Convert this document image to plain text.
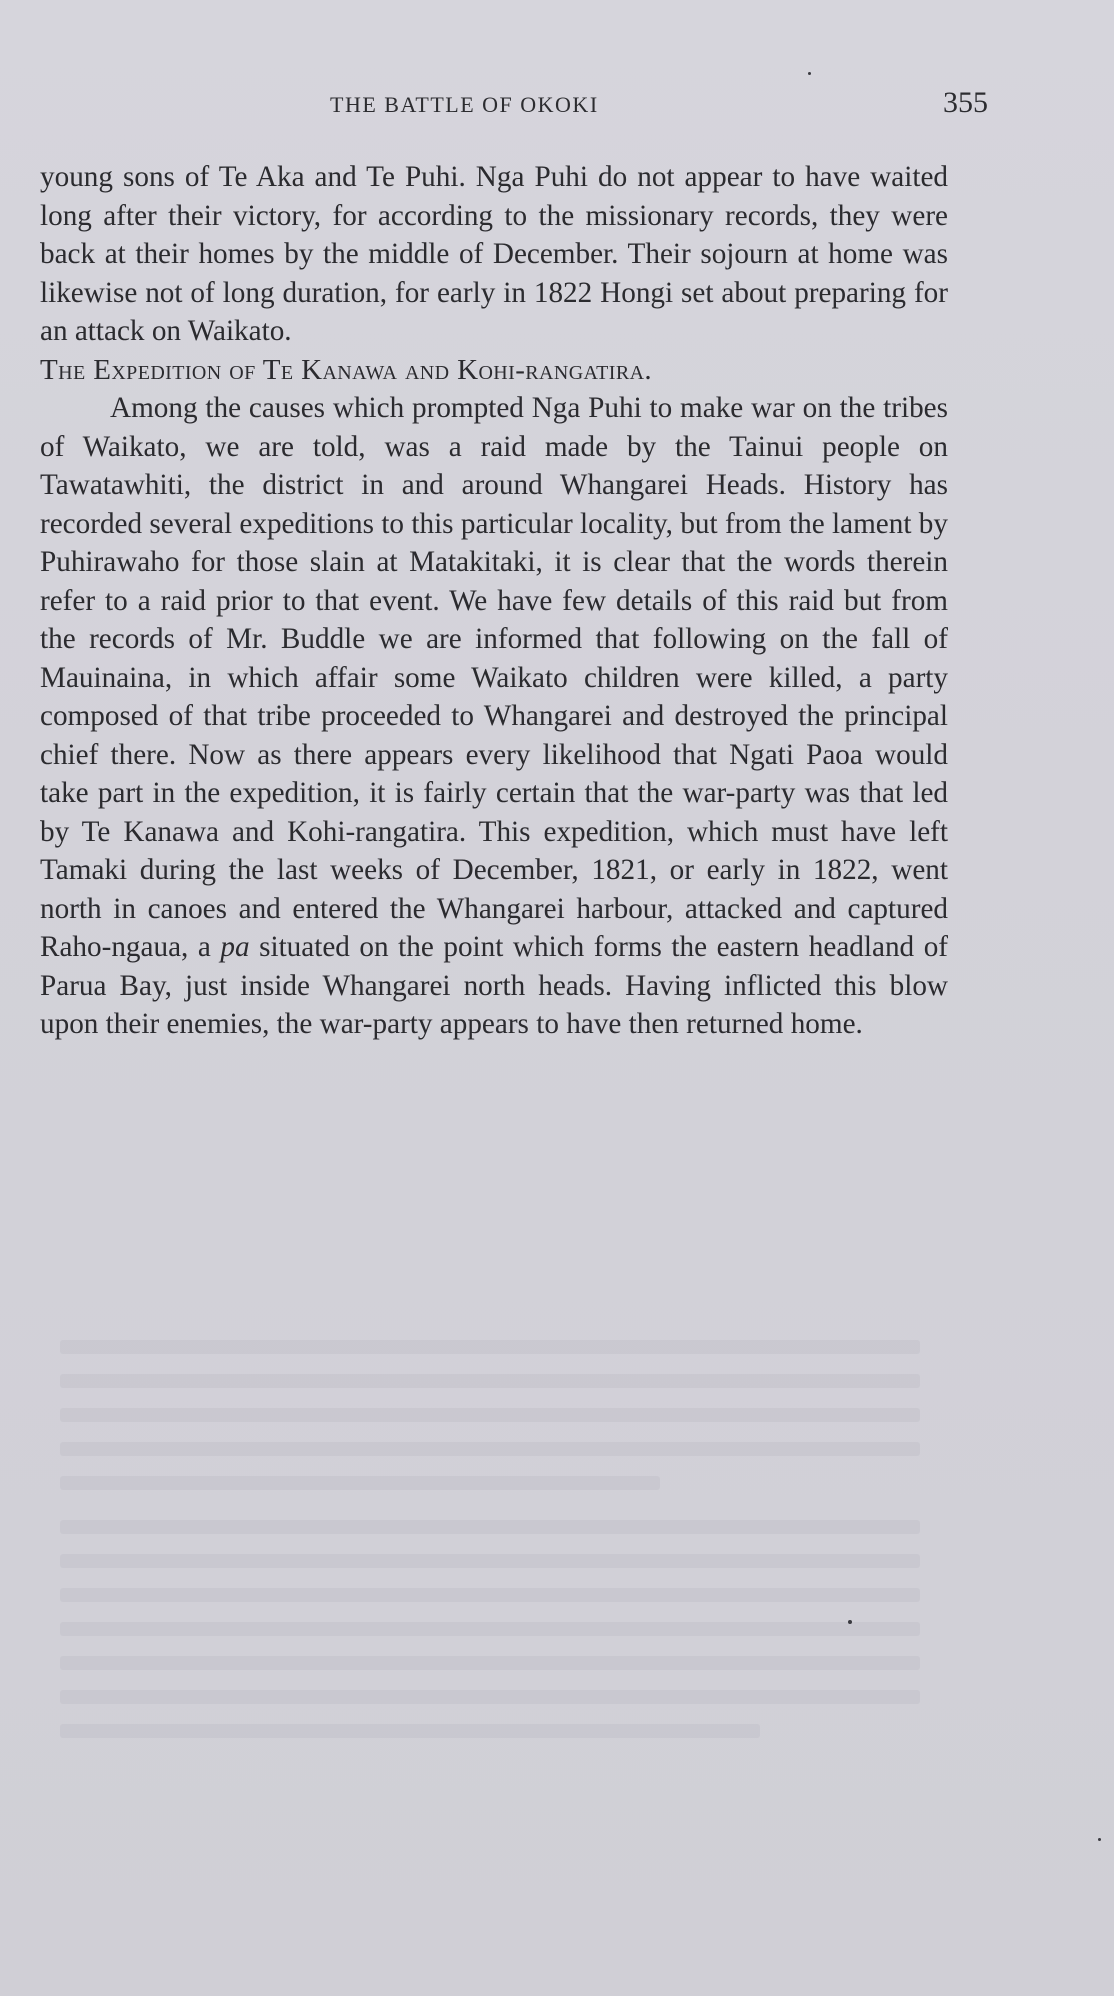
THE BATTLE OF OKOKI	355

young sons of Te Aka and Te Puhi. Nga Puhi do not appear to have waited long after their victory, for according to the missionary records, they were back at their homes by the middle of December. Their sojourn at home was likewise not of long duration, for early in 1822 Hongi set about preparing for an attack on Waikato.

The Expedition of Te Kanawa and Kohi-rangatira.

Among the causes which prompted Nga Puhi to make war on the tribes of Waikato, we are told, was a raid made by the Tainui people on Tawatawhiti, the district in and around Whangarei Heads. History has recorded several expeditions to this particular locality, but from the lament by Puhirawaho for those slain at Matakitaki, it is clear that the words therein refer to a raid prior to that event. We have few details of this raid but from the records of Mr. Buddle we are informed that following on the fall of Mauinaina, in which affair some Waikato children were killed, a party composed of that tribe proceeded to Whangarei and destroyed the principal chief there. Now as there appears every likelihood that Ngati Paoa would take part in the expedition, it is fairly certain that the war-party was that led by Te Kanawa and Kohi-rangatira. This expedition, which must have left Tamaki during the last weeks of December, 1821, or early in 1822, went north in canoes and entered the Whangarei harbour, attacked and captured Raho-ngaua, a pa situated on the point which forms the eastern headland of Parua Bay, just inside Whangarei north heads. Having inflicted this blow upon their enemies, the war-party appears to have then returned home.
